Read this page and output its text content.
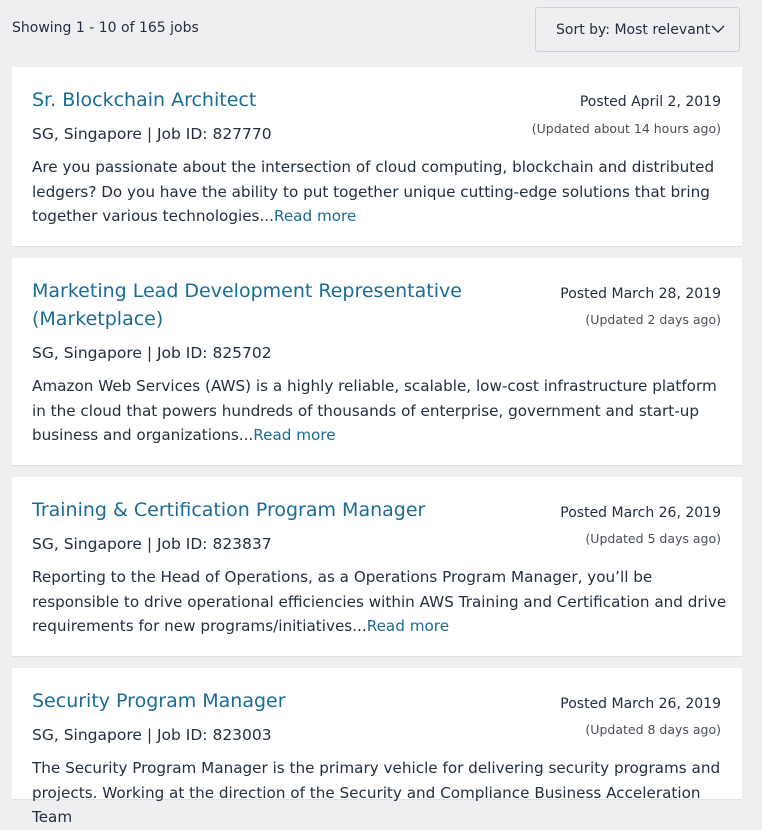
Showing 1 - 10 of 165 jobs	Sort by: Most relevant
Sr. Blockchain Architect	Posted April 2, 2019
(Updated about 14 hours ago)
SG, Singapore | Job ID: 827770
Are you passionate about the intersection of cloud computing, blockchain and distributed ledgers? Do you have the ability to put together unique cutting-edge solutions that bring together various technologies...Read more
Marketing Lead Development Representative (Marketplace)
Posted March 28, 2019
(Updated 2 days ago)
SG, Singapore | Job ID: 825702
Amazon Web Services (AWS) is a highly reliable, scalable, low-cost infrastructure platform in the cloud that powers hundreds of thousands of enterprise, government and start-up business and organizations...Read more
Training & Certification Program Manager	Posted March 26, 2019
(Updated 5 days ago)
SG, Singapore | Job ID: 823837
Reporting to the Head of Operations, as a Operations Program Manager, you’ll be responsible to drive operational efficiencies within AWS Training and Certification and drive requirements for new programs/initiatives...Read more
Security Program Manager	Posted March 26, 2019
(Updated 8 days ago)
SG, Singapore | Job ID: 823003
The Security Program Manager is the primary vehicle for delivering security programs and projects. Working at the direction of the Security and Compliance Business Acceleration Team
